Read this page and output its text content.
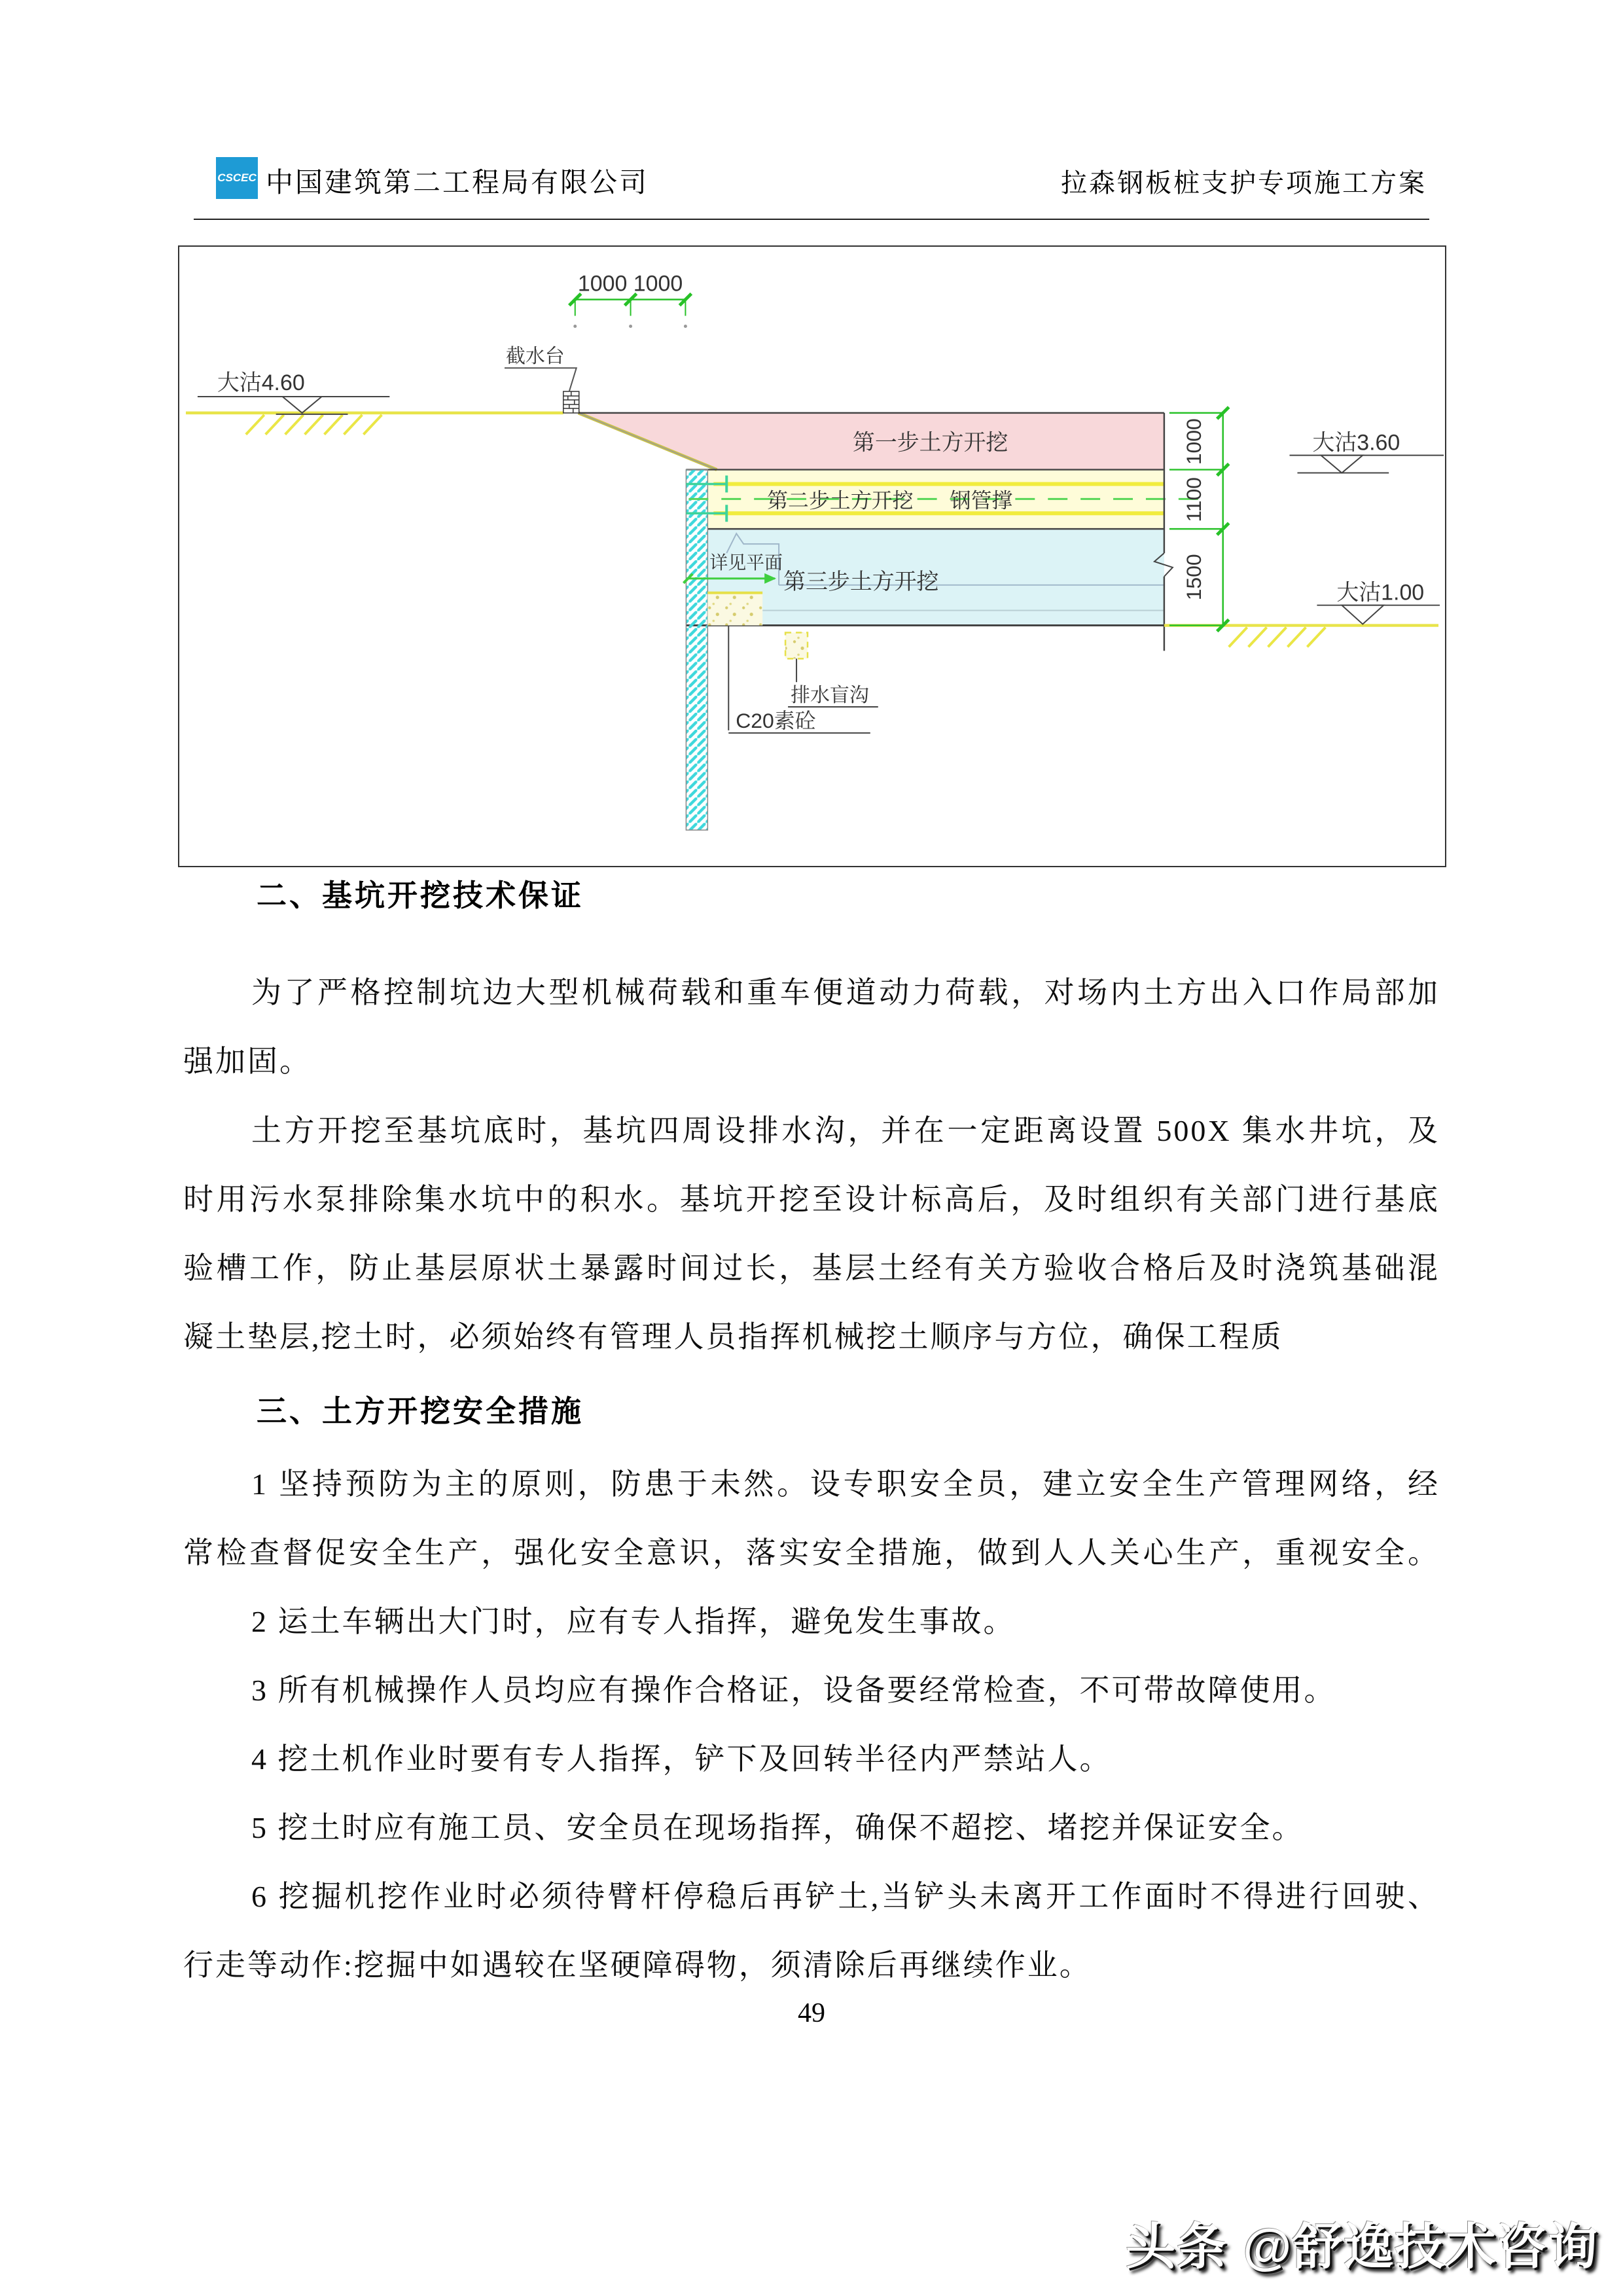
CSCEC 中国建筑第二工程局有限公司	拉森钢板桩支护专项施工方案
1000 1000
截水台
大沽4.60
第一步土方开挖
第二步土方开挖 钢管撑
第三步土方开挖
详见平面
排水盲沟
C20素砼
1000
1100
1500
大沽3.60
大沽1.00
二、基坑开挖技术保证
为了严格控制坑边大型机械荷载和重车便道动力荷载，对场内土方出入口作局部加
强加固。
土方开挖至基坑底时，基坑四周设排水沟，并在一定距离设置 500X 集水井坑，及
时用污水泵排除集水坑中的积水。基坑开挖至设计标高后，及时组织有关部门进行基底
验槽工作，防止基层原状土暴露时间过长，基层土经有关方验收合格后及时浇筑基础混
凝土垫层,挖土时，必须始终有管理人员指挥机械挖土顺序与方位，确保工程质
三、土方开挖安全措施
1 坚持预防为主的原则，防患于未然。设专职安全员，建立安全生产管理网络，经
常检查督促安全生产，强化安全意识，落实安全措施，做到人人关心生产，重视安全。
2 运土车辆出大门时，应有专人指挥，避免发生事故。
3 所有机械操作人员均应有操作合格证，设备要经常检查，不可带故障使用。
4 挖土机作业时要有专人指挥，铲下及回转半径内严禁站人。
5 挖土时应有施工员、安全员在现场指挥，确保不超挖、堵挖并保证安全。
6 挖掘机挖作业时必须待臂杆停稳后再铲土,当铲头未离开工作面时不得进行回驶、
行走等动作:挖掘中如遇较在坚硬障碍物，须清除后再继续作业。
49
头条 @舒逸技术咨询
